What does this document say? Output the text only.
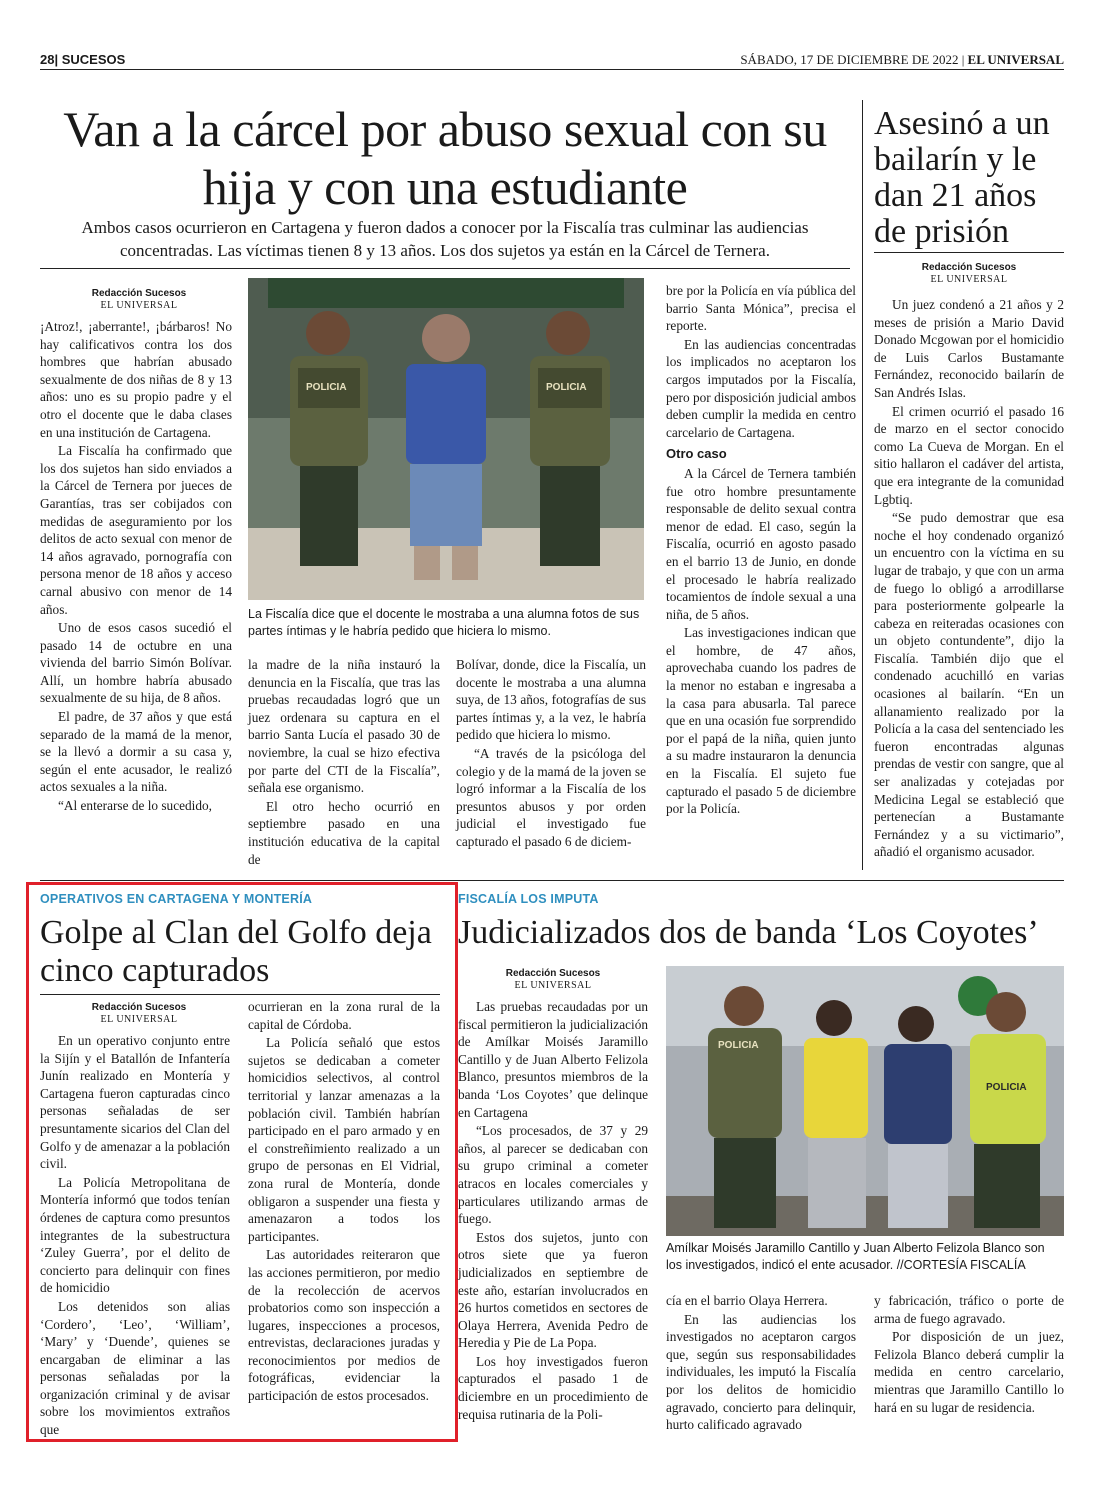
28| SUCESOS	SÁBADO, 17 DE DICIEMBRE DE 2022 | EL UNIVERSAL
Van a la cárcel por abuso sexual con su hija y con una estudiante
Ambos casos ocurrieron en Cartagena y fueron dados a conocer por la Fiscalía tras culminar las audiencias concentradas. Las víctimas tienen 8 y 13 años. Los dos sujetos ya están en la Cárcel de Ternera.
Redacción Sucesos
EL UNIVERSAL

¡Atroz!, ¡aberrante!, ¡bárbaros! No hay calificativos contra los dos hombres que habrían abusado sexualmente de dos niñas de 8 y 13 años: uno es su propio padre y el otro el docente que le daba clases en una institución de Cartagena.

La Fiscalía ha confirmado que los dos sujetos han sido enviados a la Cárcel de Ternera por jueces de Garantías, tras ser cobijados con medidas de aseguramiento por los delitos de acto sexual con menor de 14 años agravado, pornografía con persona menor de 18 años y acceso carnal abusivo con menor de 14 años.

Uno de esos casos sucedió el pasado 14 de octubre en una vivienda del barrio Simón Bolívar. Allí, un hombre habría abusado sexualmente de su hija, de 8 años.

El padre, de 37 años y que está separado de la mamá de la menor, se la llevó a dormir a su casa y, según el ente acusador, le realizó actos sexuales a la niña.

“Al enterarse de lo sucedido,

POLICIA	POLICIA
La Fiscalía dice que el docente le mostraba a una alumna fotos de sus partes íntimas y le habría pedido que hiciera lo mismo.

la madre de la niña instauró la denuncia en la Fiscalía, que tras las pruebas recaudadas logró que un juez ordenara su captura en el barrio Santa Lucía el pasado 30 de noviembre, la cual se hizo efectiva por parte del CTI de la Fiscalía”, señala ese organismo.

El otro hecho ocurrió en septiembre pasado en una institución educativa de la capital de

Bolívar, donde, dice la Fiscalía, un docente le mostraba a una alumna suya, de 13 años, fotografías de sus partes íntimas y, a la vez, le habría pedido que hiciera lo mismo.

“A través de la psicóloga del colegio y de la mamá de la joven se logró informar a la Fiscalía de los presuntos abusos y por orden judicial el investigado fue capturado el pasado 6 de diciem-

bre por la Policía en vía pública del barrio Santa Mónica”, precisa el reporte.

En las audiencias concentradas los implicados no aceptaron los cargos imputados por la Fiscalía, pero por disposición judicial ambos deben cumplir la medida en centro carcelario de Cartagena.

Otro caso

A la Cárcel de Ternera también fue otro hombre presuntamente responsable de delito sexual contra menor de edad. El caso, según la Fiscalía, ocurrió en agosto pasado en el barrio 13 de Junio, en donde el procesado le habría realizado tocamientos de índole sexual a una niña, de 5 años.

Las investigaciones indican que el hombre, de 47 años, aprovechaba cuando los padres de la menor no estaban e ingresaba a la casa para abusarla. Tal parece que en una ocasión fue sorprendido por el papá de la niña, quien junto a su madre instauraron la denuncia en la Fiscalía. El sujeto fue capturado el pasado 5 de diciembre por la Policía.

Asesinó a un bailarín y le dan 21 años de prisión
Redacción Sucesos
EL UNIVERSAL

Un juez condenó a 21 años y 2 meses de prisión a Mario David Donado Mcgowan por el homicidio de Luis Carlos Bustamante Fernández, reconocido bailarín de San Andrés Islas.

El crimen ocurrió el pasado 16 de marzo en el sector conocido como La Cueva de Morgan. En el sitio hallaron el cadáver del artista, que era integrante de la comunidad Lgbtiq.

“Se pudo demostrar que esa noche el hoy condenado organizó un encuentro con la víctima en su lugar de trabajo, y que con un arma de fuego lo obligó a arrodillarse para posteriormente golpearle la cabeza en reiteradas ocasiones con un objeto contundente”, dijo la Fiscalía. También dijo que el condenado acuchilló en varias ocasiones al bailarín. “En un allanamiento realizado por la Policía a la casa del sentenciado les fueron encontradas algunas prendas de vestir con sangre, que al ser analizadas y cotejadas por Medicina Legal se estableció que pertenecían a Bustamante Fernández y a su victimario”, añadió el organismo acusador.

OPERATIVOS EN CARTAGENA Y MONTERÍA
Golpe al Clan del Golfo deja cinco capturados
Redacción Sucesos
EL UNIVERSAL

En un operativo conjunto entre la Sijín y el Batallón de Infantería Junín realizado en Montería y Cartagena fueron capturadas cinco personas señaladas de ser presuntamente sicarios del Clan del Golfo y de amenazar a la población civil.

La Policía Metropolitana de Montería informó que todos tenían órdenes de captura como presuntos integrantes de la subestructura ‘Zuley Guerra’, por el delito de concierto para delinquir con fines de homicidio

Los detenidos son alias ‘Cordero’, ‘Leo’, ‘William’, ‘Mary’ y ‘Duende’, quienes se encargaban de eliminar a las personas señaladas por la organización criminal y de avisar sobre los movimientos extraños que

ocurrieran en la zona rural de la capital de Córdoba.

La Policía señaló que estos sujetos se dedicaban a cometer homicidios selectivos, al control territorial y lanzar amenazas a la población civil. También habrían participado en el paro armado y en el constreñimiento realizado a un grupo de personas en El Vidrial, zona rural de Montería, donde obligaron a suspender una fiesta y amenazaron a todos los participantes.

Las autoridades reiteraron que las acciones permitieron, por medio de la recolección de acervos probatorios como son inspección a lugares, inspecciones a procesos, entrevistas, declaraciones juradas y reconocimientos por medios de fotográficas, evidenciar la participación de estos procesados.

FISCALÍA LOS IMPUTA
Judicializados dos de banda ‘Los Coyotes’
Redacción Sucesos
EL UNIVERSAL

Las pruebas recaudadas por un fiscal permitieron la judicialización de Amílkar Moisés Jaramillo Cantillo y de Juan Alberto Felizola Blanco, presuntos miembros de la banda ‘Los Coyotes’ que delinque en Cartagena

“Los procesados, de 37 y 29 años, al parecer se dedicaban con su grupo criminal a cometer atracos en locales comerciales y particulares utilizando armas de fuego.

Estos dos sujetos, junto con otros siete que ya fueron judicializados en septiembre de este año, estarían involucrados en 26 hurtos cometidos en sectores de Olaya Herrera, Avenida Pedro de Heredia y Pie de La Popa.

Los hoy investigados fueron capturados el pasado 1 de diciembre en un procedimiento de requisa rutinaria de la Poli-

POLICIA
POLICIA
Amílkar Moisés Jaramillo Cantillo y Juan Alberto Felizola Blanco son los investigados, indicó el ente acusador. //CORTESÍA FISCALÍA

cía en el barrio Olaya Herrera.

En las audiencias los investigados no aceptaron cargos que, según sus responsabilidades individuales, les imputó la Fiscalía por los delitos de homicidio agravado, concierto para delinquir, hurto calificado agravado

y fabricación, tráfico o porte de arma de fuego agravado.

Por disposición de un juez, Felizola Blanco deberá cumplir la medida en centro carcelario, mientras que Jaramillo Cantillo lo hará en su lugar de residencia.
